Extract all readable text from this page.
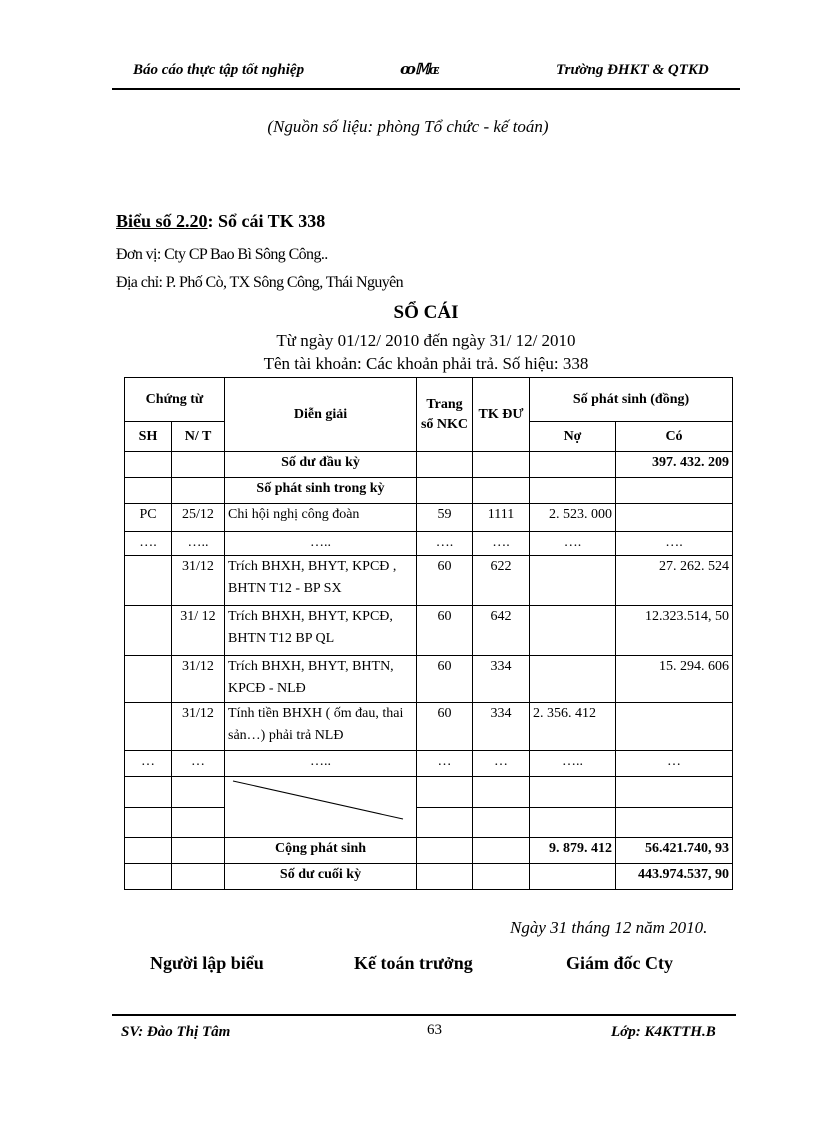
Báo cáo thực tập tốt nghiệp	ꝏ𝕄ɶ	Trường ĐHKT & QTKD
(Nguồn số liệu: phòng Tổ chức - kế toán)
Biểu số 2.20: Sổ cái TK 338
Đơn vị: Cty CP Bao Bì Sông Công..
Địa chỉ: P. Phố Cò, TX Sông Công, Thái Nguyên
SỔ CÁI
Từ ngày 01/12/ 2010 đến ngày 31/ 12/ 2010
Tên tài khoản: Các khoản phải trả. Số hiệu: 338
Chứng từ		Diễn giải	Trang sổ NKC	TK ĐƯ	Số phát sinh (đồng)	
SH	N/ T				Nợ	Có
		Số dư đầu kỳ				397. 432. 209
		Số phát sinh trong kỳ				
PC	25/12	Chi hội nghị công đoàn	59	1111	2. 523. 000	
….	…..	…..	….	….	….	….
	31/12	Trích BHXH, BHYT, KPCĐ , BHTN T12 - BP SX	60	622		27. 262. 524
	31/ 12	Trích BHXH, BHYT, KPCĐ, BHTN T12 BP QL	60	642		12.323.514, 50
	31/12	Trích BHXH, BHYT, BHTN, KPCĐ - NLĐ	60	334		15. 294. 606
	31/12	Tính tiền BHXH ( ốm đau, thai sản…) phải trả NLĐ	60	334	2. 356. 412	
…	…	…..	…	…	…..	…

		Cộng phát sinh			9. 879. 412	56.421.740, 93
		Số dư cuối kỳ				443.974.537, 90
Ngày 31 tháng 12 năm 2010.
Người lập biểu	Kế toán trưởng	Giám đốc Cty
SV: Đào Thị Tâm	63	Lớp: K4KTTH.B
